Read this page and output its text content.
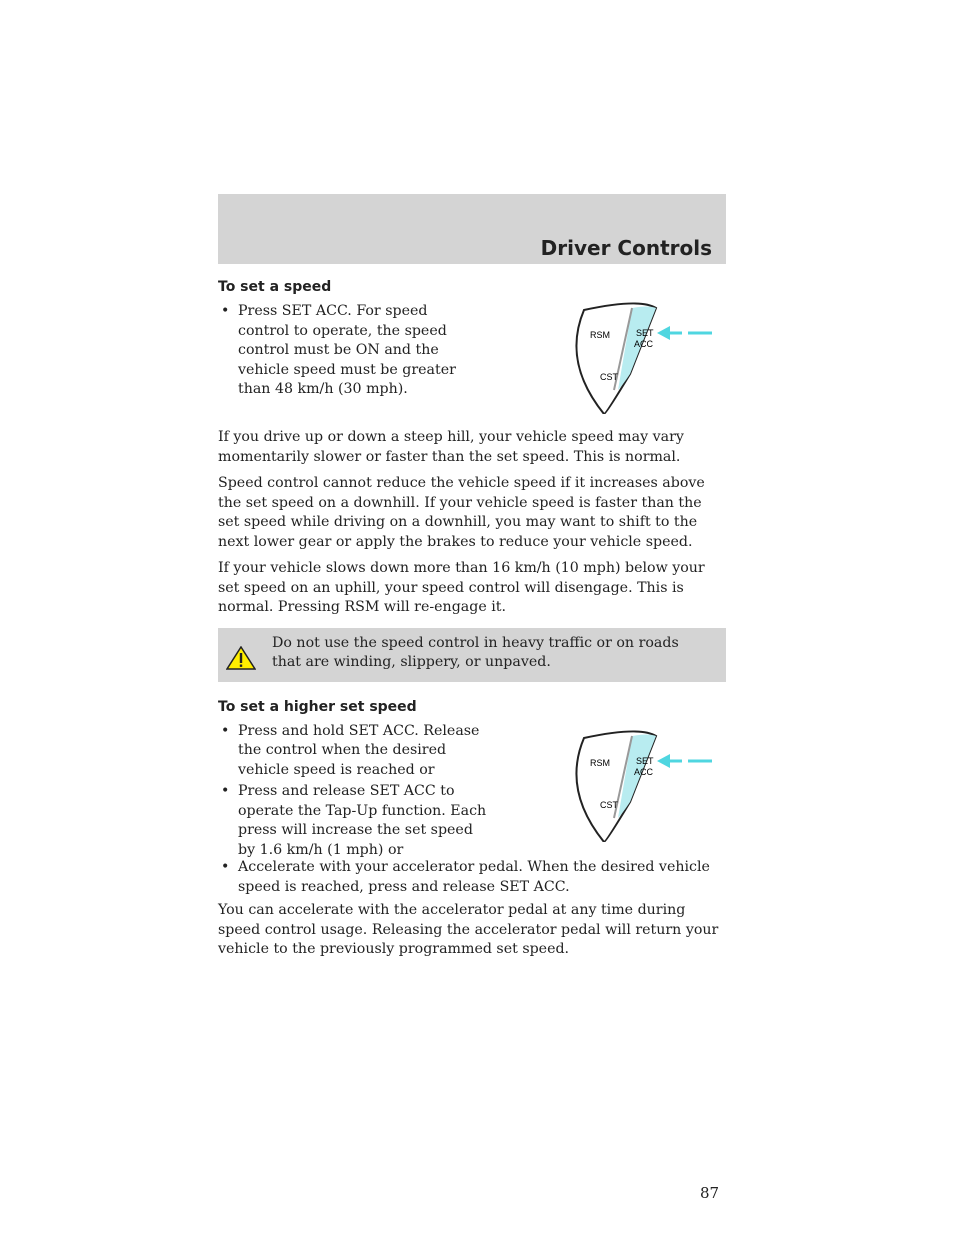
Driver Controls
To set a speed
• Press SET ACC. For speed control to operate, the speed control must be ON and the vehicle speed must be greater than 48 km/h (30 mph).
RSM	SET
ACC
CST

If you drive up or down a steep hill, your vehicle speed may vary momentarily slower or faster than the set speed. This is normal.

Speed control cannot reduce the vehicle speed if it increases above the set speed on a downhill. If your vehicle speed is faster than the set speed while driving on a downhill, you may want to shift to the next lower gear or apply the brakes to reduce your vehicle speed.

If your vehicle slows down more than 16 km/h (10 mph) below your set speed on an uphill, your speed control will disengage. This is normal. Pressing RSM will re-engage it.

Do not use the speed control in heavy traffic or on roads that are winding, slippery, or unpaved.

To set a higher set speed
• Press and hold SET ACC. Release the control when the desired vehicle speed is reached or
• Press and release SET ACC to operate the Tap-Up function. Each press will increase the set speed by 1.6 km/h (1 mph) or
RSM	SET
ACC
CST
• Accelerate with your accelerator pedal. When the desired vehicle speed is reached, press and release SET ACC.

You can accelerate with the accelerator pedal at any time during speed control usage. Releasing the accelerator pedal will return your vehicle to the previously programmed set speed.

87
